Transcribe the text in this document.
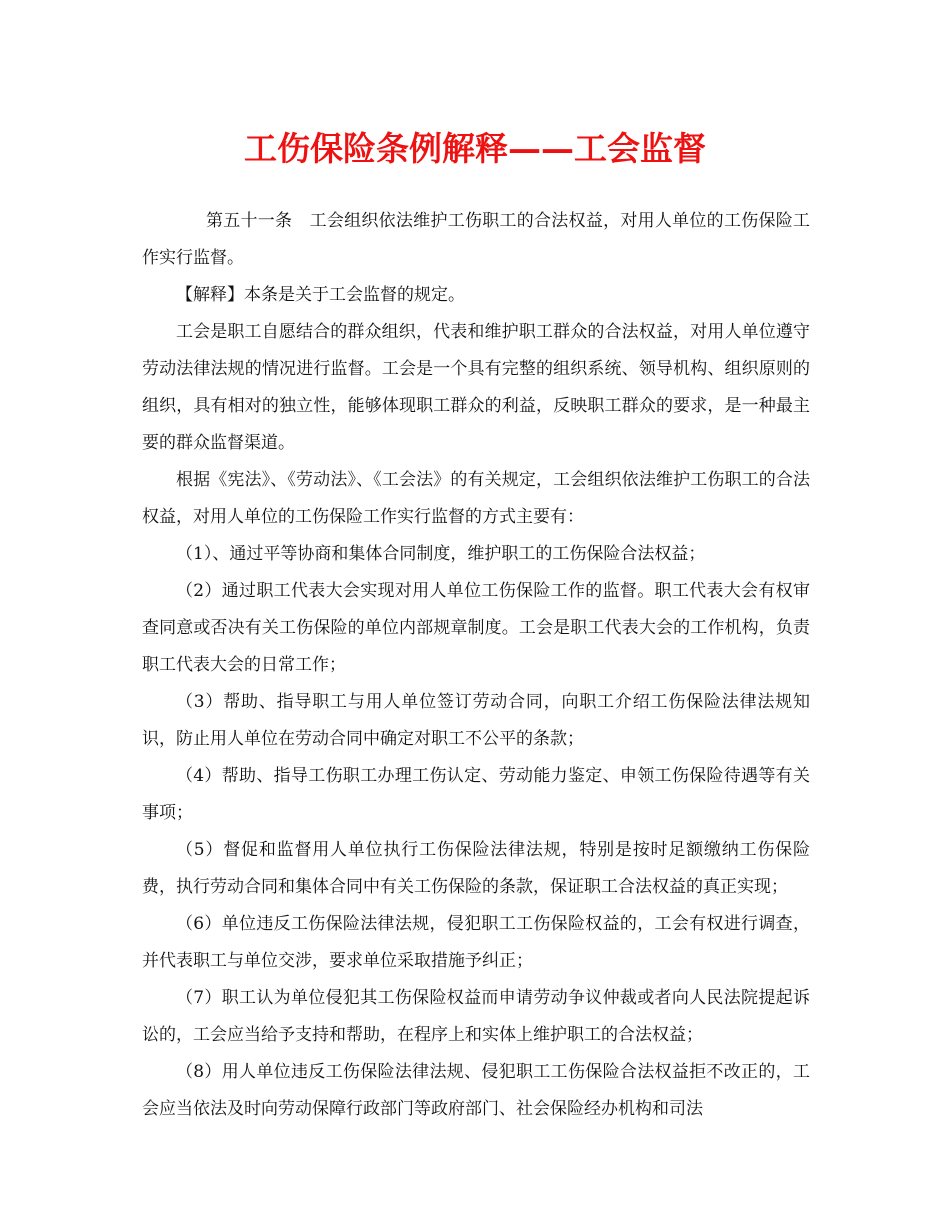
工伤保险条例解释——工会监督

第五十一条　工会组织依法维护工伤职工的合法权益，对用人单位的工伤保险工作实行监督。

【解释】本条是关于工会监督的规定。

工会是职工自愿结合的群众组织，代表和维护职工群众的合法权益，对用人单位遵守劳动法律法规的情况进行监督。工会是一个具有完整的组织系统、领导机构、组织原则的组织，具有相对的独立性，能够体现职工群众的利益，反映职工群众的要求，是一种最主要的群众监督渠道。

根据《宪法》、《劳动法》、《工会法》的有关规定，工会组织依法维护工伤职工的合法权益，对用人单位的工伤保险工作实行监督的方式主要有：

（1）、通过平等协商和集体合同制度，维护职工的工伤保险合法权益；

（2）通过职工代表大会实现对用人单位工伤保险工作的监督。职工代表大会有权审查同意或否决有关工伤保险的单位内部规章制度。工会是职工代表大会的工作机构，负责职工代表大会的日常工作；

（3）帮助、指导职工与用人单位签订劳动合同，向职工介绍工伤保险法律法规知识，防止用人单位在劳动合同中确定对职工不公平的条款；

（4）帮助、指导工伤职工办理工伤认定、劳动能力鉴定、申领工伤保险待遇等有关事项；

（5）督促和监督用人单位执行工伤保险法律法规，特别是按时足额缴纳工伤保险费，执行劳动合同和集体合同中有关工伤保险的条款，保证职工合法权益的真正实现；

（6）单位违反工伤保险法律法规，侵犯职工工伤保险权益的，工会有权进行调查，并代表职工与单位交涉，要求单位采取措施予纠正；

（7）职工认为单位侵犯其工伤保险权益而申请劳动争议仲裁或者向人民法院提起诉讼的，工会应当给予支持和帮助，在程序上和实体上维护职工的合法权益；

（8）用人单位违反工伤保险法律法规、侵犯职工工伤保险合法权益拒不改正的，工会应当依法及时向劳动保障行政部门等政府部门、社会保险经办机构和司法
